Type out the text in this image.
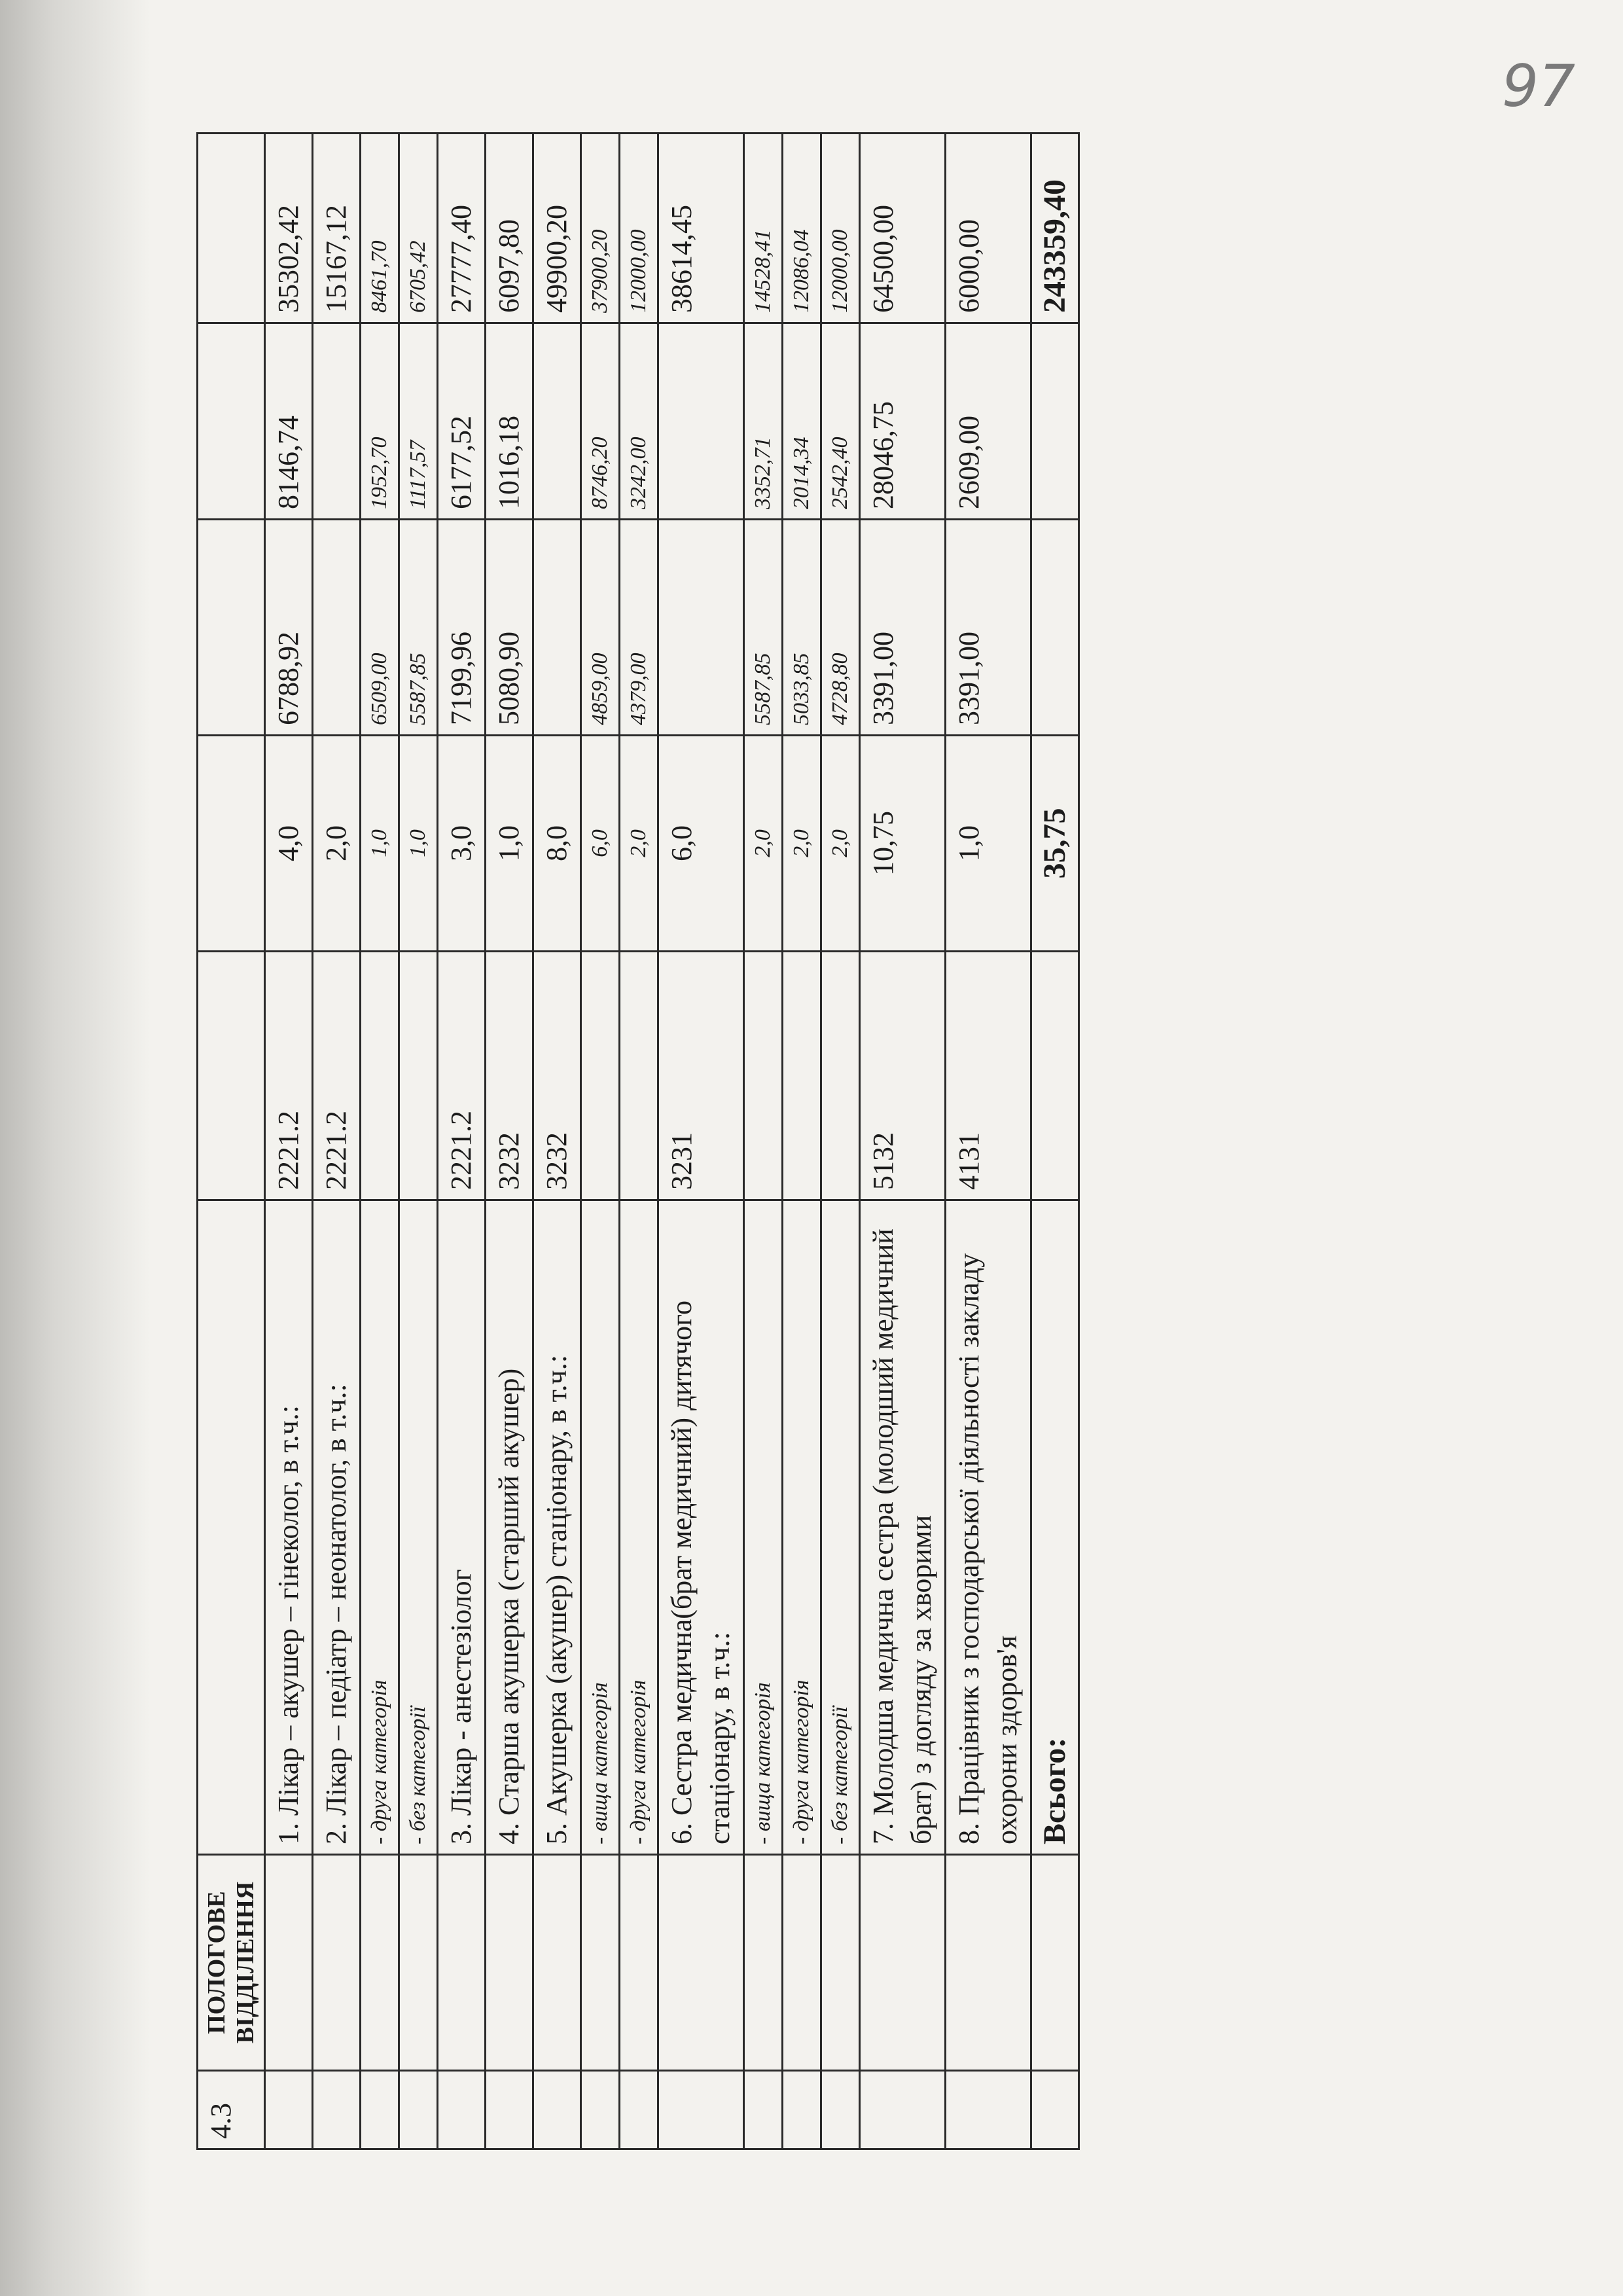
97
4.3	ПОЛОГОВЕ ВІДДІЛЕННЯ						
		1. Лікар – акушер – гінеколог, в т.ч.:	2221.2	4,0	6788,92	8146,74	35302,42
		2. Лікар – педіатр – неонатолог, в т.ч.:	2221.2	2,0			15167,12
		- друга категорія		1,0	6509,00	1952,70	8461,70
		- без категорії		1,0	5587,85	1117,57	6705,42
		3. Лікар - анестезіолог	2221.2	3,0	7199,96	6177,52	27777,40
		4. Старша акушерка (старший акушер)	3232	1,0	5080,90	1016,18	6097,80
		5. Акушерка (акушер) стаціонару, в т.ч.:	3232	8,0			49900,20
		- вища категорія		6,0	4859,00	8746,20	37900,20
		- друга категорія		2,0	4379,00	3242,00	12000,00
		6. Сестра медична(брат медичний) дитячого стаціонару, в т.ч.:	3231	6,0			38614,45
		- вища категорія		2,0	5587,85	3352,71	14528,41
		- друга категорія		2,0	5033,85	2014,34	12086,04
		- без категорії		2,0	4728,80	2542,40	12000,00
		7. Молодша медична сестра (молодший медичний брат) з догляду за хворими	5132	10,75	3391,00	28046,75	64500,00
		8. Працівник з господарської діяльності закладу охорони здоров'я	4131	1,0	3391,00	2609,00	6000,00
		Всього:		35,75			243359,40
